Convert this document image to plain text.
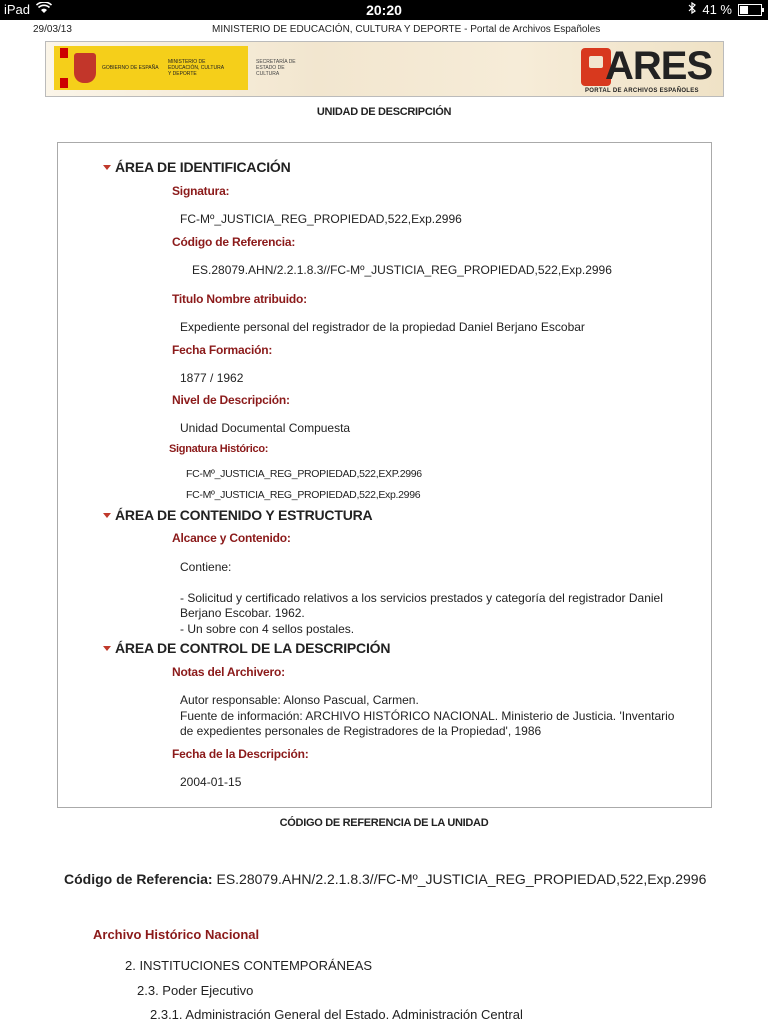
iPad	20:20	41 %
29/03/13	MINISTERIO DE EDUCACIÓN, CULTURA Y DEPORTE - Portal de Archivos Españoles
GOBIERNO DE ESPAÑA
MINISTERIO DE EDUCACIÓN, CULTURA Y DEPORTE
SECRETARÍA DE ESTADO DE CULTURA	ARES
PORTAL DE ARCHIVOS ESPAÑOLES
UNIDAD DE DESCRIPCIÓN
ÁREA DE IDENTIFICACIÓN
Signatura:
FC-Mº_JUSTICIA_REG_PROPIEDAD,522,Exp.2996
Código de Referencia:
ES.28079.AHN/2.2.1.8.3//FC-Mº_JUSTICIA_REG_PROPIEDAD,522,Exp.2996
Titulo Nombre atribuido:
Expediente personal del registrador de la propiedad Daniel Berjano Escobar
Fecha Formación:
1877 / 1962
Nivel de Descripción:
Unidad Documental Compuesta
Signatura Histórico:
FC-Mº_JUSTICIA_REG_PROPIEDAD,522,EXP.2996
FC-Mº_JUSTICIA_REG_PROPIEDAD,522,Exp.2996
ÁREA DE CONTENIDO Y ESTRUCTURA
Alcance y Contenido:
Contiene:
- Solicitud y certificado relativos a los servicios prestados y categoría del registrador Daniel
Berjano Escobar. 1962.
- Un sobre con 4 sellos postales.
ÁREA DE CONTROL DE LA DESCRIPCIÓN
Notas del Archivero:
Autor responsable: Alonso Pascual, Carmen.
Fuente de información: ARCHIVO HISTÓRICO NACIONAL. Ministerio de Justicia. 'Inventario
de expedientes personales de Registradores de la Propiedad', 1986
Fecha de la Descripción:
2004-01-15
CÓDIGO DE REFERENCIA DE LA UNIDAD
Código de Referencia: ES.28079.AHN/2.2.1.8.3//FC-Mº_JUSTICIA_REG_PROPIEDAD,522,Exp.2996
Archivo Histórico Nacional
2. INSTITUCIONES CONTEMPORÁNEAS
2.3. Poder Ejecutivo
2.3.1. Administración General del Estado. Administración Central
